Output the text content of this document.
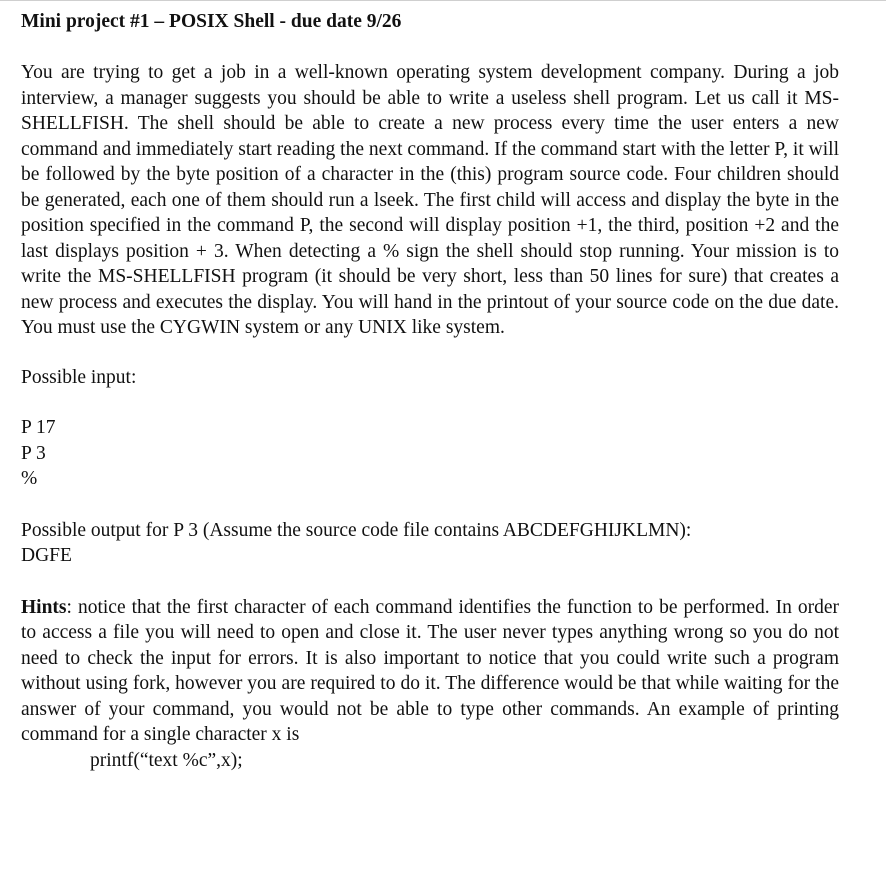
Mini project #1 – POSIX Shell - due date 9/26

You are trying to get a job in a well-known operating system development company. During a job interview, a manager suggests you should be able to write a useless shell program. Let us call it MS-SHELLFISH. The shell should be able to create a new process every time the user enters a new command and immediately start reading the next command. If the command start with the letter P, it will be followed by the byte position of a character in the (this) program source code. Four children should be generated, each one of them should run a lseek. The first child will access and display the byte in the position specified in the command P, the second will display position +1, the third, position +2 and the last displays position + 3. When detecting a % sign the shell should stop running. Your mission is to write the MS-SHELLFISH program (it should be very short, less than 50 lines for sure) that creates a new process and executes the display. You will hand in the printout of your source code on the due date. You must use the CYGWIN system or any UNIX like system.

Possible input:

P 17
P 3
%

Possible output for P 3 (Assume the source code file contains ABCDEFGHIJKLMN):

DGFE

Hints: notice that the first character of each command identifies the function to be performed. In order to access a file you will need to open and close it. The user never types anything wrong so you do not need to check the input for errors. It is also important to notice that you could write such a program without using fork, however you are required to do it. The difference would be that while waiting for the answer of your command, you would not be able to type other commands. An example of printing command for a single character x is

printf(“text %c”,x);
